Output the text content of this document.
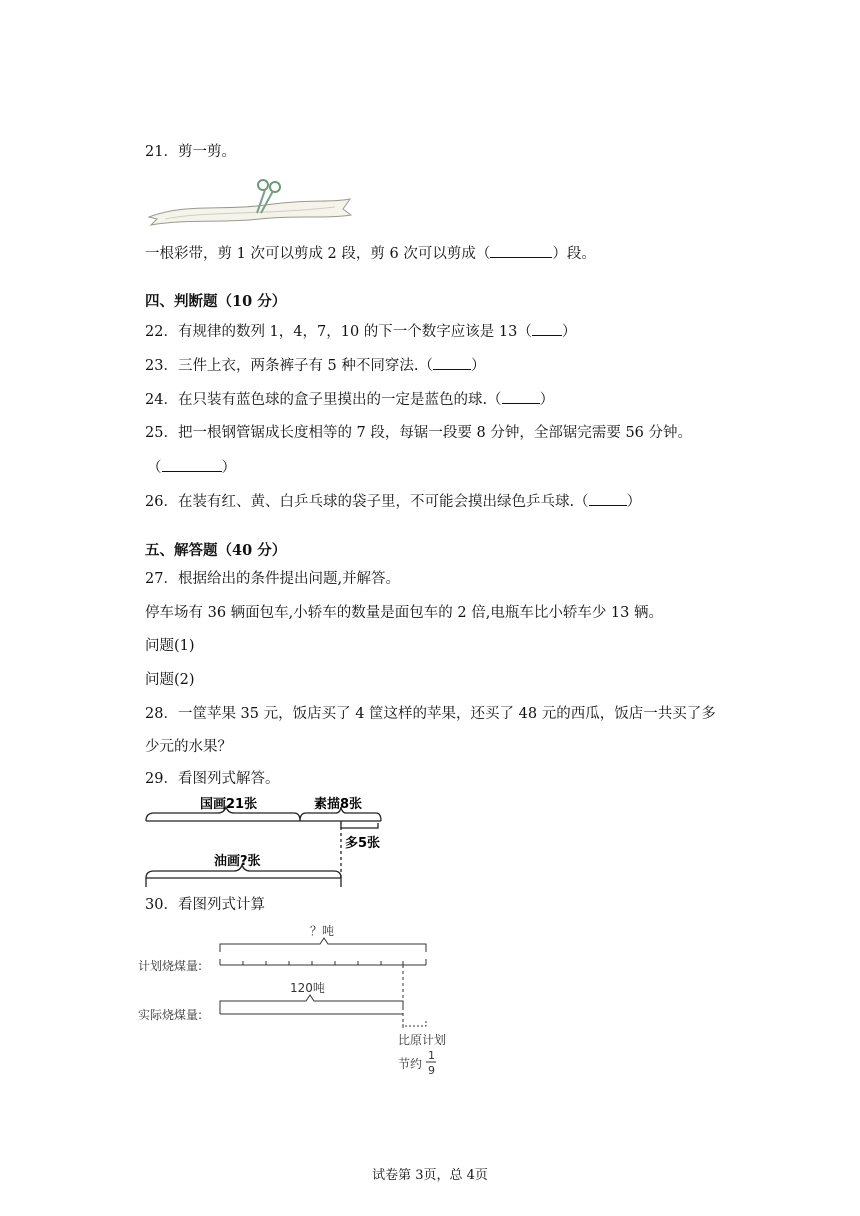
21．剪一剪。
一根彩带，剪 1 次可以剪成 2 段，剪 6 次可以剪成（	）段。
四、判断题（10 分）
22．有规律的数列 1，4，7，10 的下一个数字应该是 13（ ）
23．三件上衣，两条裤子有 5 种不同穿法.（	）
24．在只装有蓝色球的盒子里摸出的一定是蓝色的球.（	）
25．把一根钢管锯成长度相等的 7 段，每锯一段要 8 分钟，全部锯完需要 56 分钟。
（	）
26．在装有红、黄、白乒乓球的袋子里，不可能会摸出绿色乒乓球.（	）
五、解答题（40 分）
27．根据给出的条件提出问题,并解答。
停车场有 36 辆面包车,小轿车的数量是面包车的 2 倍,电瓶车比小轿车少 13 辆。
问题(1)
问题(2)
28．一筐苹果 35 元，饭店买了 4 筐这样的苹果，还买了 48 元的西瓜，饭店一共买了多
少元的水果？
29．看图列式解答。
国画21张	素描8张
多5张
油画?张
30．看图列式计算
？吨
计划烧煤量:
120吨
实际烧煤量:
比原计划
节约
1
9
试卷第 3页，总 4页
